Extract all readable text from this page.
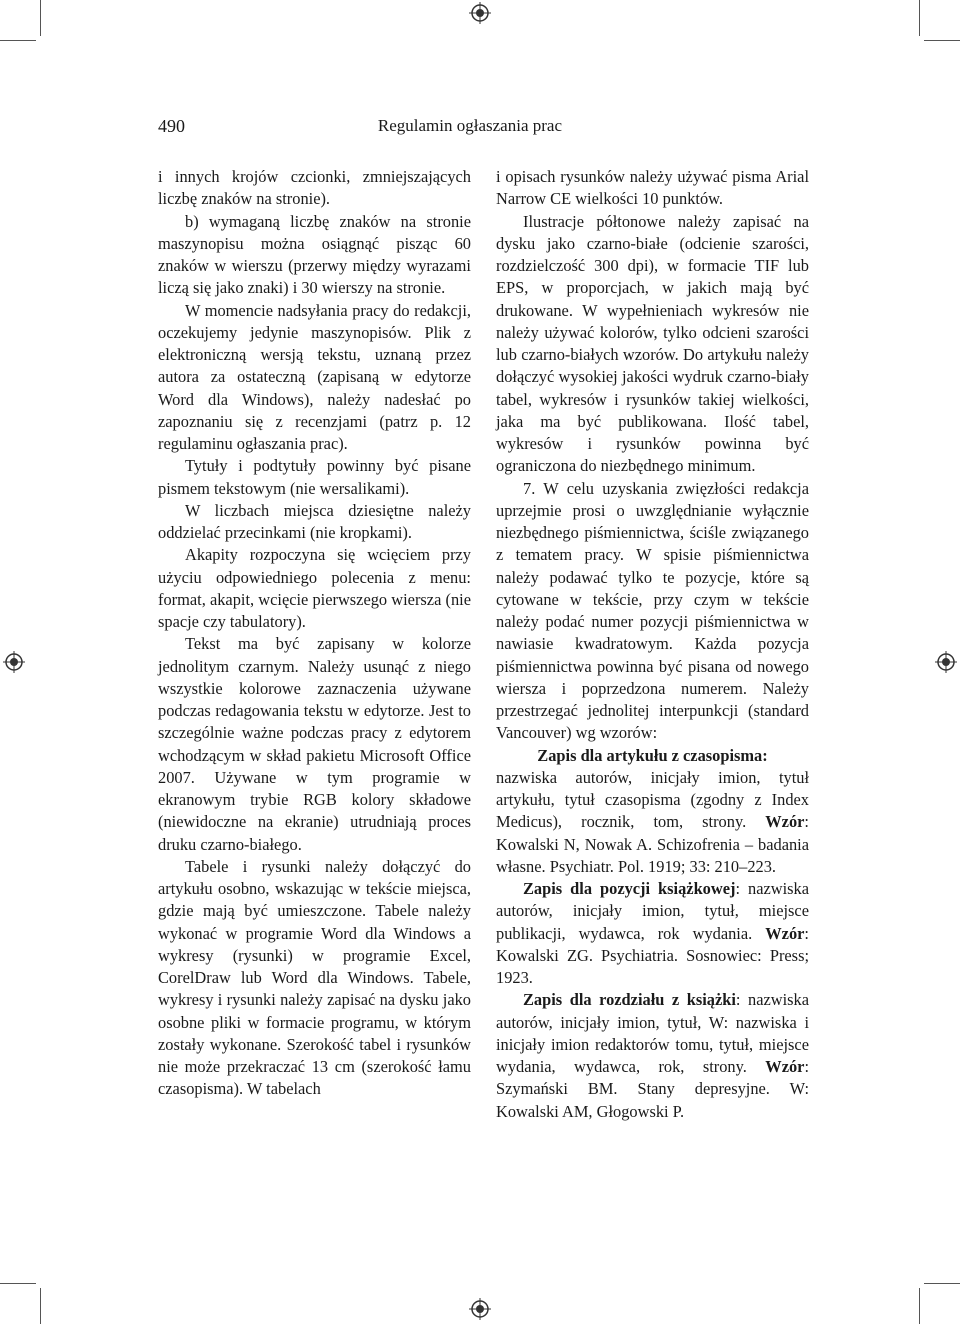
490	Regulamin ogłaszania prac

i innych krojów czcionki, zmniejszających liczbę znaków na stronie).

b) wymaganą liczbę znaków na stronie maszynopisu można osiągnąć pisząc 60 znaków w wierszu (przerwy między wyrazami liczą się jako znaki) i 30 wierszy na stronie.

W momencie nadsyłania pracy do redakcji, oczekujemy jedynie maszynopisów. Plik z elektroniczną wersją tekstu, uznaną przez autora za ostateczną (zapisaną w edytorze Word dla Windows), należy nadesłać po zapoznaniu się z recenzjami (patrz p. 12 regulaminu ogłaszania prac).

Tytuły i podtytuły powinny być pisane pismem tekstowym (nie wersalikami).

W liczbach miejsca dziesiętne należy oddzielać przecinkami (nie kropkami).

Akapity rozpoczyna się wcięciem przy użyciu odpowiedniego polecenia z menu: format, akapit, wcięcie pierwszego wiersza (nie spacje czy tabulatory).

Tekst ma być zapisany w kolorze jednolitym czarnym. Należy usunąć z niego wszystkie kolorowe zaznaczenia używane podczas redagowania tekstu w edytorze. Jest to szczególnie ważne podczas pracy z edytorem wchodzącym w skład pakietu Microsoft Office 2007. Używane w tym programie w ekranowym trybie RGB kolory składowe (niewidoczne na ekranie) utrudniają proces druku czarno-białego.

Tabele i rysunki należy dołączyć do artykułu osobno, wskazując w tekście miejsca, gdzie mają być umieszczone. Tabele należy wykonać w programie Word dla Windows a wykresy (rysunki) w programie Excel, CorelDraw lub Word dla Windows. Tabele, wykresy i rysunki należy zapisać na dysku jako osobne pliki w formacie programu, w którym zostały wykonane. Szerokość tabel i rysunków nie może przekraczać 13 cm (szerokość łamu czasopisma). W tabelach

i opisach rysunków należy używać pisma Arial Narrow CE wielkości 10 punktów.

Ilustracje półtonowe należy zapisać na dysku jako czarno-białe (odcienie szarości, rozdzielczość 300 dpi), w formacie TIF lub EPS, w proporcjach, w jakich mają być drukowane. W wypełnieniach wykresów nie należy używać kolorów, tylko odcieni szarości lub czarno-białych wzorów. Do artykułu należy dołączyć wysokiej jakości wydruk czarno-biały tabel, wykresów i rysunków takiej wielkości, jaka ma być publikowana. Ilość tabel, wykresów i rysunków powinna być ograniczona do niezbędnego minimum.

7. W celu uzyskania zwięzłości redakcja uprzejmie prosi o uwzględnianie wyłącznie niezbędnego piśmiennictwa, ściśle związanego z tematem pracy. W spisie piśmiennictwa należy podawać tylko te pozycje, które są cytowane w tekście, przy czym w tekście należy podać numer pozycji piśmiennictwa w nawiasie kwadratowym. Każda pozycja piśmiennictwa powinna być pisana od nowego wiersza i poprzedzona numerem. Należy przestrzegać jednolitej interpunkcji (standard Vancouver) wg wzorów:

Zapis dla artykułu z czasopisma:

nazwiska autorów, inicjały imion, tytuł artykułu, tytuł czasopisma (zgodny z Index Medicus), rocznik, tom, strony. Wzór: Kowalski N, Nowak A. Schizofrenia – badania własne. Psychiatr. Pol. 1919; 33: 210–223.

Zapis dla pozycji książkowej: nazwiska autorów, inicjały imion, tytuł, miejsce publikacji, wydawca, rok wydania. Wzór: Kowalski ZG. Psychiatria. Sosnowiec: Press; 1923.

Zapis dla rozdziału z książki: nazwiska autorów, inicjały imion, tytuł, W: nazwiska i inicjały imion redaktorów tomu, tytuł, miejsce wydania, wydawca, rok, strony. Wzór: Szymański BM. Stany depresyjne. W: Kowalski AM, Głogowski P.
